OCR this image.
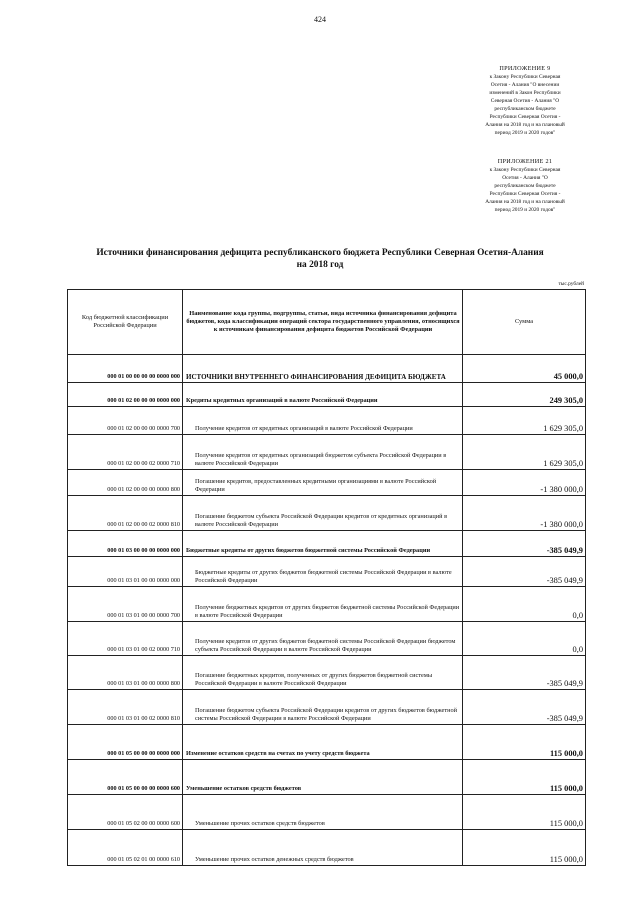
424
ПРИЛОЖЕНИЕ 9
к Закону Республики Северная
Осетия - Алания "О внесении
изменений в Закон Республики
Северная Осетия - Алания "О
республиканском бюджете
Республики Северная Осетия -
Алания на 2018 год и на плановый
период 2019 и 2020 годов"
ПРИЛОЖЕНИЕ 21
к Закону Республики Северная
Осетия - Алания "О
республиканском бюджете
Республики Северная Осетия -
Алания на 2018 год и на плановый
период 2019 и 2020 годов"
Источники финансирования дефицита республиканского бюджета Республики Северная Осетия-Алания
на 2018 год
тыс.рублей
Код бюджетной классификации Российской Федерации	Наименование кода группы, подгруппы, статьи, вида источника финансирования дефицита бюджетов, кода классификации операций сектора государственного управления, относящихся к источникам финансирования дефицита бюджетов Российской Федерации	Сумма
000 01 00 00 00 00 0000 000	ИСТОЧНИКИ ВНУТРЕННЕГО ФИНАНСИРОВАНИЯ ДЕФИЦИТА БЮДЖЕТА	45 000,0
000 01 02 00 00 00 0000 000	Кредиты кредитных организаций в валюте Российской Федерации	249 305,0
000 01 02 00 00 00 0000 700	Получение кредитов от кредитных организаций в валюте Российской Федерации	1 629 305,0
000 01 02 00 00 02 0000 710	Получение кредитов от кредитных организаций бюджетом субъекта Российской Федерации в валюте Российской Федерации	1 629 305,0
000 01 02 00 00 00 0000 800	Погашение кредитов, предоставленных кредитными организациями в валюте Российской Федерации	-1 380 000,0
000 01 02 00 00 02 0000 810	Погашение бюджетом субъекта Российской Федерации кредитов от кредитных организаций в валюте Российской Федерации	-1 380 000,0
000 01 03 00 00 00 0000 000	Бюджетные кредиты от других бюджетов бюджетной системы Российской Федерации	-385 049,9
000 01 03 01 00 00 0000 000	Бюджетные кредиты от других бюджетов бюджетной системы Российской Федерации в валюте Российской Федерации	-385 049,9
000 01 03 01 00 00 0000 700	Получение бюджетных кредитов от других бюджетов бюджетной системы Российской Федерации в валюте Российской Федерации	0,0
000 01 03 01 00 02 0000 710	Получение кредитов от других бюджетов бюджетной системы Российской Федерации бюджетом субъекта Российской Федерации в валюте Российской Федерации	0,0
000 01 03 01 00 00 0000 800	Погашение бюджетных кредитов, полученных от других бюджетов бюджетной системы Российской Федерации в валюте Российской Федерации	-385 049,9
000 01 03 01 00 02 0000 810	Погашение бюджетом субъекта Российской Федерации кредитов от других бюджетов бюджетной системы Российской Федерации в валюте Российской Федерации	-385 049,9
000 01 05 00 00 00 0000 000	Изменение остатков средств на счетах по учету средств бюджета	115 000,0
000 01 05 00 00 00 0000 600	Уменьшение остатков средств бюджетов	115 000,0
000 01 05 02 00 00 0000 600	Уменьшение прочих остатков средств бюджетов	115 000,0
000 01 05 02 01 00 0000 610	Уменьшение прочих остатков денежных средств бюджетов	115 000,0
